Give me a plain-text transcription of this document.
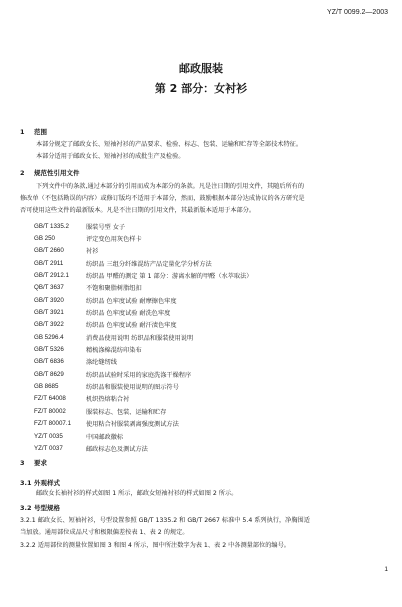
YZ/T 0099.2—2003
邮政服装
第 2 部分：女衬衫
1 范围
本部分规定了邮政女长、短袖衬衫的产品要求、检验、标志、包装、运输和贮存等全部技术特征。
本部分适用于邮政女长、短袖衬衫的成批生产及检验。
2 规范性引用文件
下列文件中的条款,通过本部分的引用而成为本部分的条款。凡是注日期的引用文件，其随后所有的
修改单（不包括勘误的内容）或修订版均不适用于本部分，然而，鼓励根据本部分达成协议的各方研究是
否可使用这些文件的最新版本。凡是不注日期的引用文件，其最新版本适用于本部分。
GB/T 1335.2	服装号型 女子
GB 250	评定变色用灰色样卡
GB/T 2660	衬衫
GB/T 2911	纺织品 三组分纤维混纺产品定量化学分析方法
GB/T 2912.1	纺织品 甲醛的测定 第 1 部分：游离水解的甲醛（水萃取法）
QB/T 3637	不饱和聚脂树脂纽扣
GB/T 3920	纺织品 色牢度试验 耐摩擦色牢度
GB/T 3921	纺织品 色牢度试验 耐洗色牢度
GB/T 3922	纺织品 色牢度试验 耐汗渍色牢度
GB 5296.4	消费品使用说明 纺织品和服装使用说明
GB/T 5326	精梳涤棉混纺印染布
GB/T 6836	涤纶缝纫线
GB/T 8629	纺织品试验时采用的家庭洗涤干燥程序
GB 8685	纺织品和服装使用说明的图示符号
FZ/T 64008	机织热熔粘合衬
FZ/T 80002	服装标志、包装、运输和贮存
FZ/T 80007.1	使用粘合衬服装剥离强度测试方法
YZ/T 0035	中国邮政徽标
YZ/T 0037	邮政标志色及测试方法
3 要求
3.1 外观样式
邮政女长袖衬衫的样式如图 1 所示，邮政女短袖衬衫的样式如图 2 所示。
3.2 号型规格
3.2.1 邮政女长、短袖衬衫，号型设置参照 GB/T 1335.2 和 GB/T 2667 标准中 5.4 系列执行，净胸围适
当加放。通用部位成品尺寸和极限偏差按表 1、表 2 的规定。
3.2.2 适用部位的测量位置如图 3 和图 4 所示，图中所注数字为表 1、表 2 中各测量部位的编号。
1
